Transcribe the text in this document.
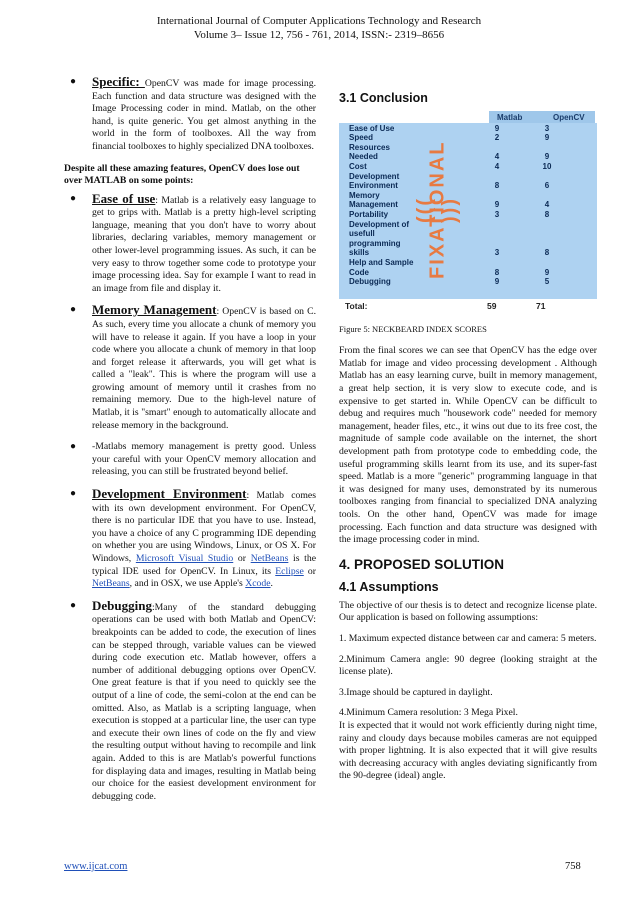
International Journal of Computer Applications Technology and Research
Volume 3– Issue 12, 756 - 761, 2014, ISSN:- 2319–8656
● Specific: OpenCV was made for image processing. Each function and data structure was designed with the Image Processing coder in mind. Matlab, on the other hand, is quite generic. You get almost anything in the world in the form of toolboxes. All the way from financial toolboxes to highly specialized DNA toolboxes.

Despite all these amazing features, OpenCV does lose out over MATLAB on some points:
● Ease of use: Matlab is a relatively easy language to get to grips with. Matlab is a pretty high-level scripting language, meaning that you don't have to worry about libraries, declaring variables, memory management or other lower-level programming issues. As such, it can be very easy to throw together some code to prototype your image processing idea. Say for example I want to read in an image from file and display it.

● Memory Management: OpenCV is based on C. As such, every time you allocate a chunk of memory you will have to release it again. If you have a loop in your code where you allocate a chunk of memory in that loop and forget release it afterwards, you will get what is called a "leak". This is where the program will use a growing amount of memory until it crashes from no remaining memory. Due to the high-level nature of Matlab, it is "smart" enough to automatically allocate and release memory in the background.

● -Matlabs memory management is pretty good. Unless your careful with your OpenCV memory allocation and releasing, you can still be frustrated beyond belief.

● Development Environment: Matlab comes with its own development environment. For OpenCV, there is no particular IDE that you have to use. Instead, you have a choice of any C programming IDE depending on whether you are using Windows, Linux, or OS X. For Windows, Microsoft Visual Studio or NetBeans is the typical IDE used for OpenCV. In Linux, its Eclipse or NetBeans, and in OSX, we use Apple's Xcode.

● Debugging:Many of the standard debugging operations can be used with both Matlab and OpenCV: breakpoints can be added to code, the execution of lines can be stepped through, variable values can be viewed during code execution etc. Matlab however, offers a number of additional debugging options over OpenCV. One great feature is that if you need to quickly see the output of a line of code, the semi-colon at the end can be omitted. Also, as Matlab is a scripting language, when execution is stopped at a particular line, the user can type and execute their own lines of code on the fly and view the resulting output without having to recompile and link again. Added to this is are Matlab's powerful functions for displaying data and images, resulting in Matlab being our choice for the easiest development environment for debugging code.

3.1 Conclusion
Matlab	OpenCV
((( FIXATIONAL )))
Ease of Use	9	3
Speed	2	9
Resources Needed	4	9
Cost	4	10
Development Environment	8	6
Memory Management	9	4
Portability	3	8
Development of usefull programming skills	3	8
Help and Sample Code	8	9
Debugging	9	5
Total:	59	71
Figure 5: NECKBEARD INDEX SCORES

From the final scores we can see that OpenCV has the edge over Matlab for image and video processing development . Although Matlab has an easy learning curve, built in memory management, a great help section, it is very slow to execute code, and is expensive to get started in. While OpenCV can be difficult to debug and requires much "housework code" needed for memory management, header files, etc., it wins out due to its free cost, the magnitude of sample code available on the internet, the short development path from prototype code to embedding code, the useful programming skills learnt from its use, and its super-fast speed. Matlab is a more "generic" programming language in that it was designed for many uses, demonstrated by its numerous toolboxes ranging from financial to specialized DNA analyzing tools. On the other hand, OpenCV was made for image processing. Each function and data structure was designed with the image processing coder in mind.

4. PROPOSED SOLUTION
4.1 Assumptions

The objective of our thesis is to detect and recognize license plate. Our application is based on following assumptions:

1. Maximum expected distance between car and camera: 5 meters.

2.Minimum Camera angle: 90 degree (looking straight at the license plate).

3.Image should be captured in daylight.

4.Minimum Camera resolution: 3 Mega Pixel.

It is expected that it would not work efficiently during night time, rainy and cloudy days because mobiles cameras are not equipped with proper lightning. It is also expected that it will give results with decreasing accuracy with angles deviating significantly from the 90-degree (ideal) angle.

www.ijcat.com	758
